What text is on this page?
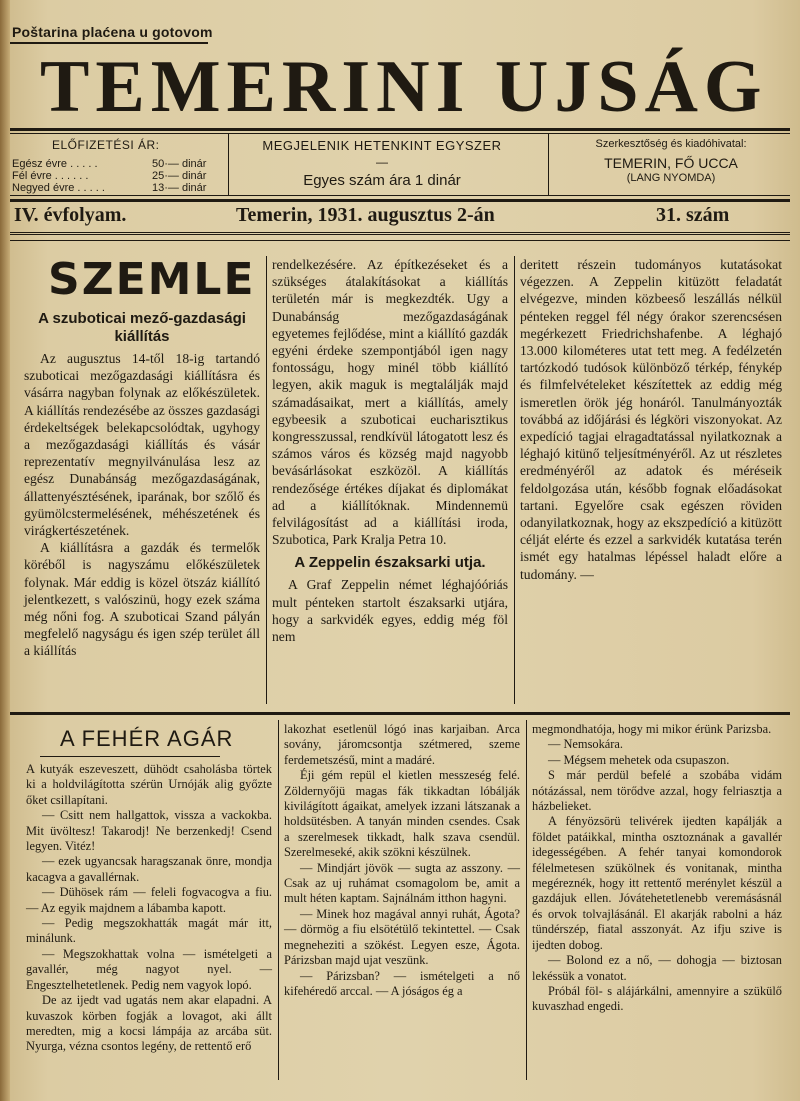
Poštarina plaćena u gotovom
TEMERINI UJSÁG
ELŐFIZETÉSI ÁR:
Egész évre . . . . .	50·— dinár
Fél évre . . . . . .	25·— dinár
Negyed évre . . . . .	13·— dinár
MEGJELENIK HETENKINT EGYSZER
—
Egyes szám ára 1 dinár
Szerkesztőség és kiadóhivatal:
TEMERIN, FŐ UCCA
(LANG NYOMDA)
IV. évfolyam.	Temerin, 1931. augusztus 2-án	31. szám
SZEMLE
A szuboticai mező-gazdasági kiállítás

Az augusztus 14-től 18-ig tartandó szuboticai mezőgazdasági kiállításra és vásárra nagyban folynak az előkészületek. A kiállítás rendezésébe az összes gazdasági érdekeltségek belekapcsolódtak, ugyhogy a mezőgazdasági kiállítás és vásár reprezentatív megnyilvánulása lesz az egész Dunabánság mezőgazdaságának, állattenyésztésének, iparának, bor szőlő és gyümölcstermelésének, méhészetének és virágkertészetének.

A kiállításra a gazdák és termelők köréből is nagyszámu előkészületek folynak. Már eddig is közel ötszáz kiállító jelentkezett, s valószinü, hogy ezek száma még nőni fog. A szuboticai Szand pályán megfelelő nagyságu és igen szép terület áll a kiállítás

rendelkezésére. Az építkezéseket és a szükséges átalakításokat a kiállítás területén már is megkezdték. Ugy a Dunabánság mezőgazdaságának egyetemes fejlődése, mint a kiállító gazdák egyéni érdeke szempontjából igen nagy fontosságu, hogy minél több kiállító legyen, akik maguk is megtalálják majd számadásaikat, mert a kiállítás, amely egybeesik a szuboticai eucharisztikus kongresszussal, rendkívül látogatott lesz és számos város és község majd nagyobb bevásárlásokat eszközöl. A kiállítás rendezősége értékes díjakat és diplomákat ad a kiállítóknak. Mindennemü felvilágosítást ad a kiállítási iroda, Szubotica, Park Kralja Petra 10.

A Zeppelin északsarki utja.

A Graf Zeppelin német léghajóóriás mult pénteken startolt északsarki utjára, hogy a sarkvidék egyes, eddig még föl nem

deritett részein tudományos kutatásokat végezzen. A Zeppelin kitüzött feladatát elvégezve, minden közbeeső leszállás nélkül pénteken reggel fél négy órakor szerencsésen megérkezett Friedrichshafenbe. A léghajó 13.000 kilométeres utat tett meg. A fedélzetén tartózkodó tudósok különböző térkép, fénykép és filmfelvételeket készítettek az eddig még ismeretlen örök jég honáról. Tanulmányozták továbbá az időjárási és légköri viszonyokat. Az expedíció tagjai elragadtatással nyilatkoznak a léghajó kitünő teljesítményéről. Az ut részletes eredményéről az adatok és méréseik feldolgozása után, később fognak előadásokat tartani. Egyelőre csak egészen röviden odanyilatkoznak, hogy az ekszpedíció a kitüzött célját elérte és ezzel a sarkvidék kutatása terén ismét egy hatalmas lépéssel haladt előre a tudomány. —

A FEHÉR AGÁR

A kutyák eszeveszett, dühödt csaholásba törtek ki a holdvilágította szérün Urnóják alig győzte őket csillapítani.

— Csitt nem hallgattok, vissza a vackokba. Mit üvöltesz! Takarodj! Ne berzenkedj! Csend legyen. Vitéz!

— ezek ugyancsak haragszanak önre, mondja kacagva a gavallérnak.

— Dühösek rám — feleli fogvacogva a fiu. — Az egyik majdnem a lábamba kapott.

— Pedig megszokhatták magát már itt, minálunk.

— Megszokhattak volna — ismételgeti a gavallér, még nagyot nyel. — Engesztelhetetlenek. Pedig nem vagyok lopó.

De az ijedt vad ugatás nem akar elapadni. A kuvaszok körben fogják a lovagot, aki állt meredten, mig a kocsi lámpája az arcába süt. Nyurga, vézna csontos legény, de rettentő erő

lakozhat esetlenül lógó inas karjaiban. Arca sovány, járomcsontja szétmered, szeme ferdemetszésű, mint a madáré.

Éji gém repül el kietlen messzeség felé. Zöldernyőjü magas fák tikkadtan lóbálják kivilágított ágaikat, amelyek izzani látszanak a holdsütésben. A tanyán minden csendes. Csak a szerelmesek tikkadt, halk szava csendül. Szerelmeseké, akik szökni készülnek.

— Mindjárt jövök — sugta az asszony. — Csak az uj ruhámat csomagolom be, amit a mult héten kaptam. Sajnálnám itthon hagyni.

— Minek hoz magával annyi ruhát, Ágota? — dörmög a fiu elsötétülő tekintettel. — Csak megneheziti a szökést. Legyen esze, Ágota. Párizsban majd ujat veszünk.

— Párizsban? — ismételgeti a nő kifehéredő arccal. — A jóságos ég a

megmondhatója, hogy mi mikor érünk Parizsba.

— Nemsokára.

— Mégsem mehetek oda csupaszon.

S már perdül befelé a szobába vidám nótázással, nem törődve azzal, hogy felriasztja a házbelieket.

A fényözsörü telivérek ijedten kapálják a földet patáikkal, mintha osztoznának a gavallér idegességében. A fehér tanyai komondorok félelmetesen szükölnek és vonitanak, mintha megéreznék, hogy itt rettentő merénylet készül a gazdájuk ellen. Jóvátehetetlenebb veremásásnál és orvok tolvajlásánál. El akarják rabolni a ház tündérszép, fiatal asszonyát. Az ifju szive is ijedten dobog.

— Bolond ez a nő, — dohogja — biztosan lekéssük a vonatot.

Próbál föl- s alájárkálni, amennyire a szükülő kuvaszhad engedi.
